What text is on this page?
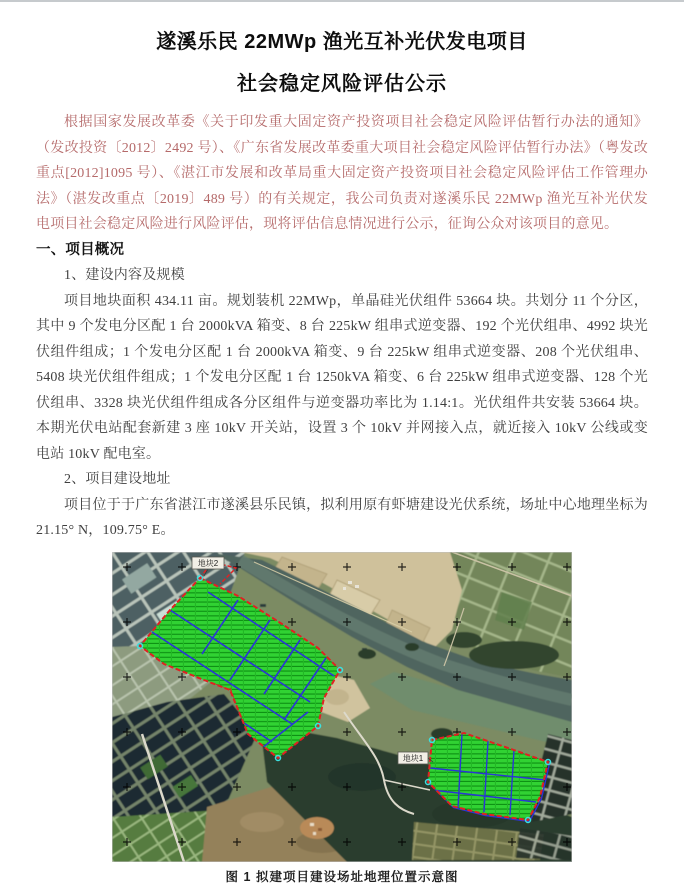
遂溪乐民 22MWp 渔光互补光伏发电项目
社会稳定风险评估公示

根据国家发展改革委《关于印发重大固定资产投资项目社会稳定风险评估暂行办法的通知》（发改投资〔2012〕2492 号）、《广东省发展改革委重大项目社会稳定风险评估暂行办法》（粤发改重点[2012]1095 号）、《湛江市发展和改革局重大固定资产投资项目社会稳定风险评估工作管理办法》（湛发改重点〔2019〕489 号）的有关规定，我公司负责对遂溪乐民 22MWp 渔光互补光伏发电项目社会稳定风险进行风险评估，现将评估信息情况进行公示，征询公众对该项目的意见。

一、项目概况

1、建设内容及规模

项目地块面积 434.11 亩。规划装机 22MWp，单晶硅光伏组件 53664 块。共划分 11 个分区，其中 9 个发电分区配 1 台 2000kVA 箱变、8 台 225kW 组串式逆变器、192 个光伏组串、4992 块光伏组件组成；1 个发电分区配 1 台 2000kVA 箱变、9 台 225kW 组串式逆变器、208 个光伏组串、5408 块光伏组件组成；1 个发电分区配 1 台 1250kVA 箱变、6 台 225kW 组串式逆变器、128 个光伏组串、3328 块光伏组件组成各分区组件与逆变器功率比为 1.14:1。光伏组件共安装 53664 块。本期光伏电站配套新建 3 座 10kV 开关站，设置 3 个 10kV 并网接入点，就近接入 10kV 公线或变电站 10kV 配电室。

2、项目建设地址

项目位于于广东省湛江市遂溪县乐民镇，拟利用原有虾塘建设光伏系统，场址中心地理坐标为 21.15° N，109.75° E。

地块2
地块1
图 1 拟建项目建设场址地理位置示意图
